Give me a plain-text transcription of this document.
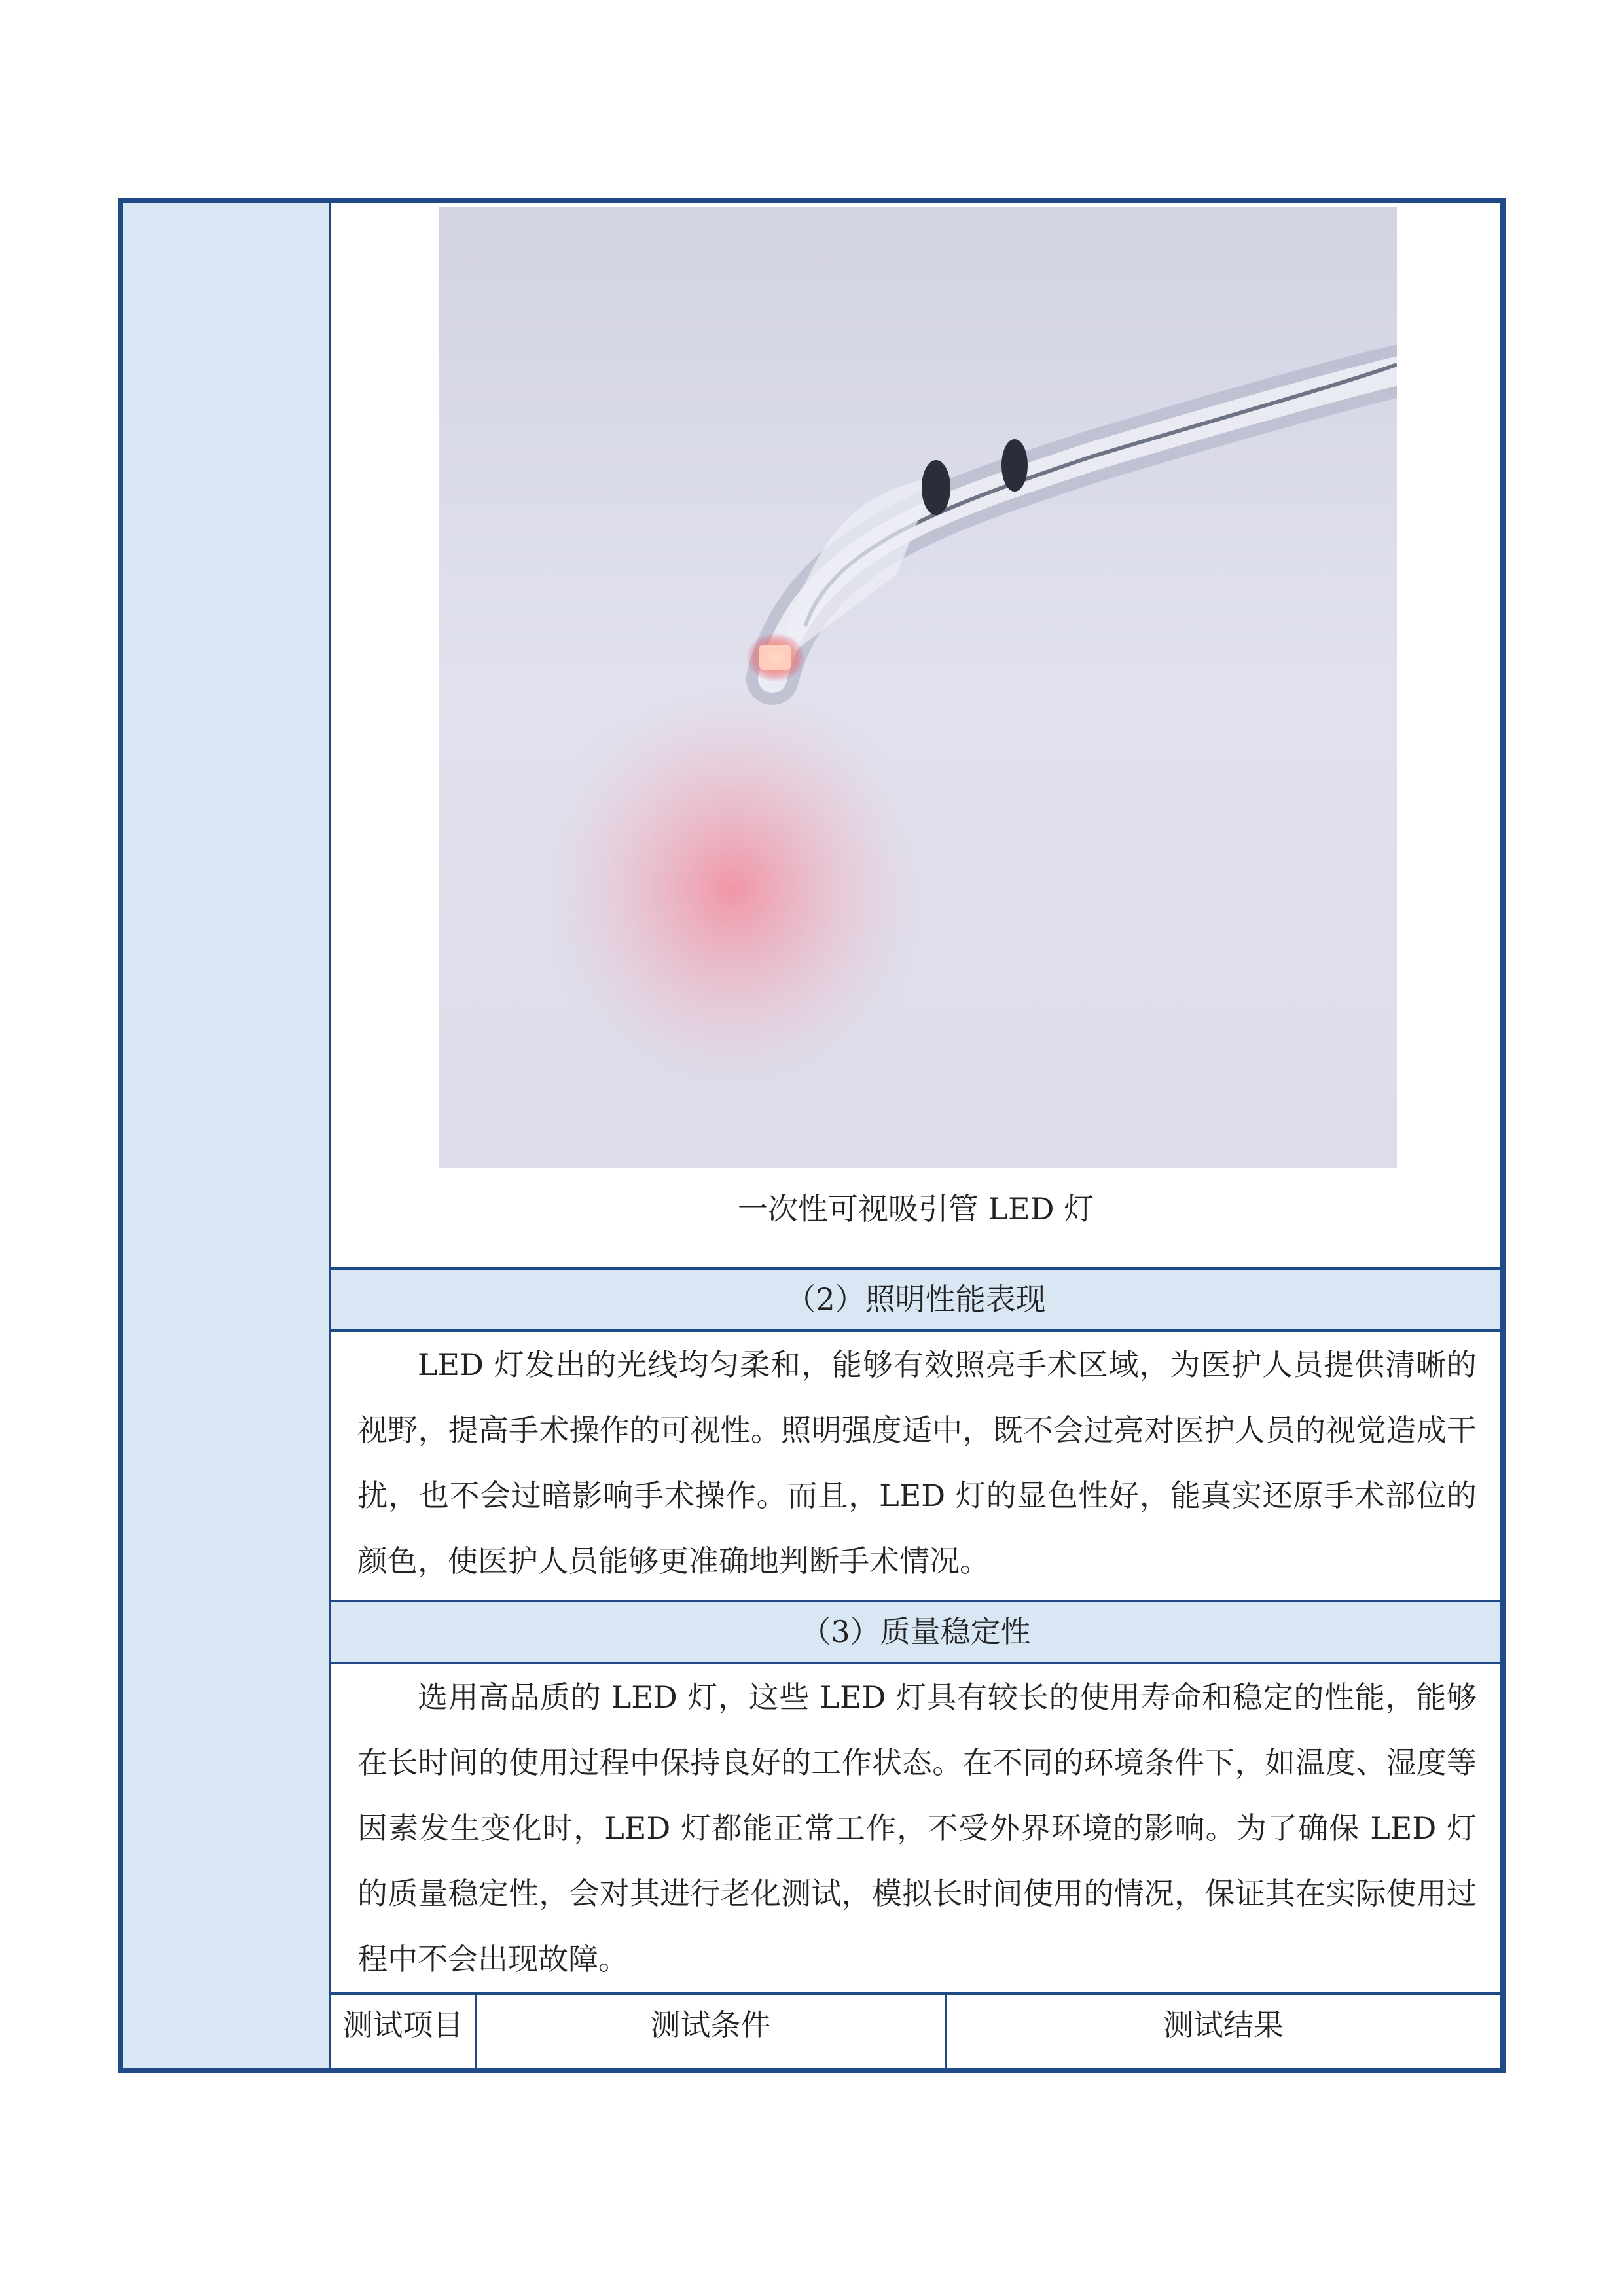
一次性可视吸引管 LED 灯
（2）照明性能表现

LED 灯发出的光线均匀柔和，能够有效照亮手术区域，为医护人员提供清晰的视野，提高手术操作的可视性。照明强度适中，既不会过亮对医护人员的视觉造成干扰，也不会过暗影响手术操作。而且，LED 灯的显色性好，能真实还原手术部位的颜色，使医护人员能够更准确地判断手术情况。

（3）质量稳定性

选用高品质的 LED 灯，这些 LED 灯具有较长的使用寿命和稳定的性能，能够在长时间的使用过程中保持良好的工作状态。在不同的环境条件下，如温度、湿度等因素发生变化时，LED 灯都能正常工作，不受外界环境的影响。为了确保 LED 灯的质量稳定性，会对其进行老化测试，模拟长时间使用的情况，保证其在实际使用过程中不会出现故障。

测试项目	测试条件	测试结果
